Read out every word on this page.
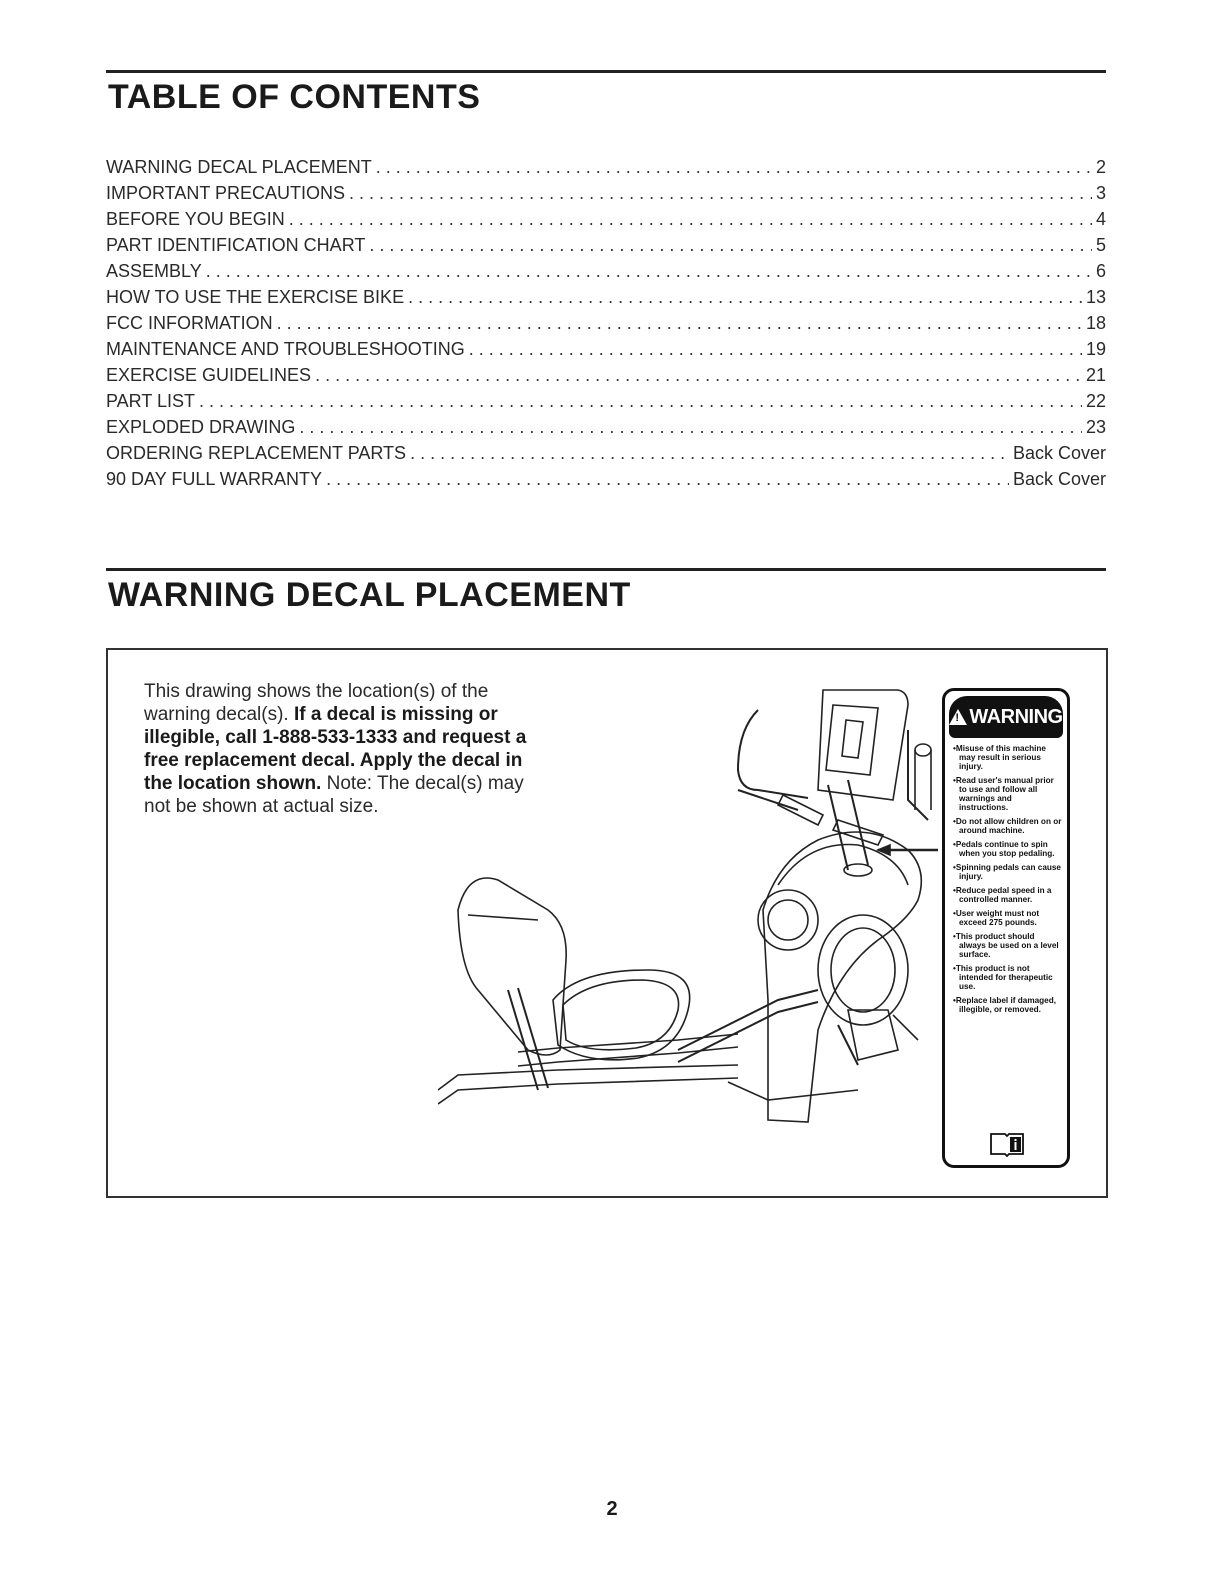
TABLE OF CONTENTS
WARNING DECAL PLACEMENT . . .	2
IMPORTANT PRECAUTIONS . . .	3
BEFORE YOU BEGIN . . .	4
PART IDENTIFICATION CHART . . .	5
ASSEMBLY . . .	6
HOW TO USE THE EXERCISE BIKE . . .	13
FCC INFORMATION . . .	18
MAINTENANCE AND TROUBLESHOOTING . . .	19
EXERCISE GUIDELINES . . .	21
PART LIST . . .	22
EXPLODED DRAWING . . .	23
ORDERING REPLACEMENT PARTS . . .	Back Cover
90 DAY FULL WARRANTY . . .	Back Cover
WARNING DECAL PLACEMENT

This drawing shows the location(s) of the warning decal(s). If a decal is missing or illegible, call 1-888-533-1333 and request a free replacement decal. Apply the decal in the location shown. Note: The decal(s) may not be shown at actual size.

! WARNING
• Misuse of this machine may result in serious injury.
• Read user's manual prior to use and follow all warnings and instructions.
• Do not allow children on or around machine.
• Pedals continue to spin when you stop pedaling.
• Spinning pedals can cause injury.
• Reduce pedal speed in a controlled manner.
• User weight must not exceed 275 pounds.
• This product should always be used on a level surface.
• This product is not intended for therapeutic use.
• Replace label if damaged, illegible, or removed.
2
